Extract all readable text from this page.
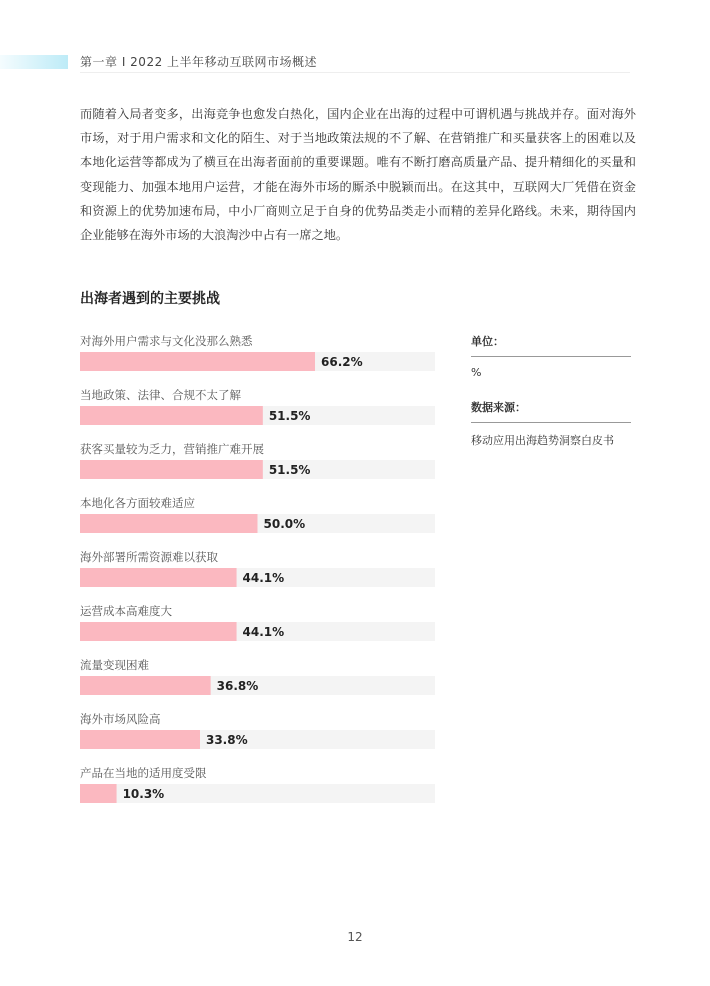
第一章 I 2022 上半年移动互联网市场概述

而随着入局者变多，出海竞争也愈发白热化，国内企业在出海的过程中可谓机遇与挑战并存。面对海外市场，对于用户需求和文化的陌生、对于当地政策法规的不了解、在营销推广和买量获客上的困难以及本地化运营等都成为了横亘在出海者面前的重要课题。唯有不断打磨高质量产品、提升精细化的买量和变现能力、加强本地用户运营，才能在海外市场的厮杀中脱颖而出。在这其中，互联网大厂凭借在资金和资源上的优势加速布局，中小厂商则立足于自身的优势品类走小而精的差异化路线。未来，期待国内企业能够在海外市场的大浪淘沙中占有一席之地。

出海者遇到的主要挑战
对海外用户需求与文化没那么熟悉
66.2%
当地政策、法律、合规不太了解
51.5%
获客买量较为乏力，营销推广难开展
51.5%
本地化各方面较难适应
50.0%
海外部署所需资源难以获取
44.1%
运营成本高难度大
44.1%
流量变现困难
36.8%
海外市场风险高
33.8%
产品在当地的适用度受限
10.3%
单位：
%
数据来源：
移动应用出海趋势洞察白皮书
12
